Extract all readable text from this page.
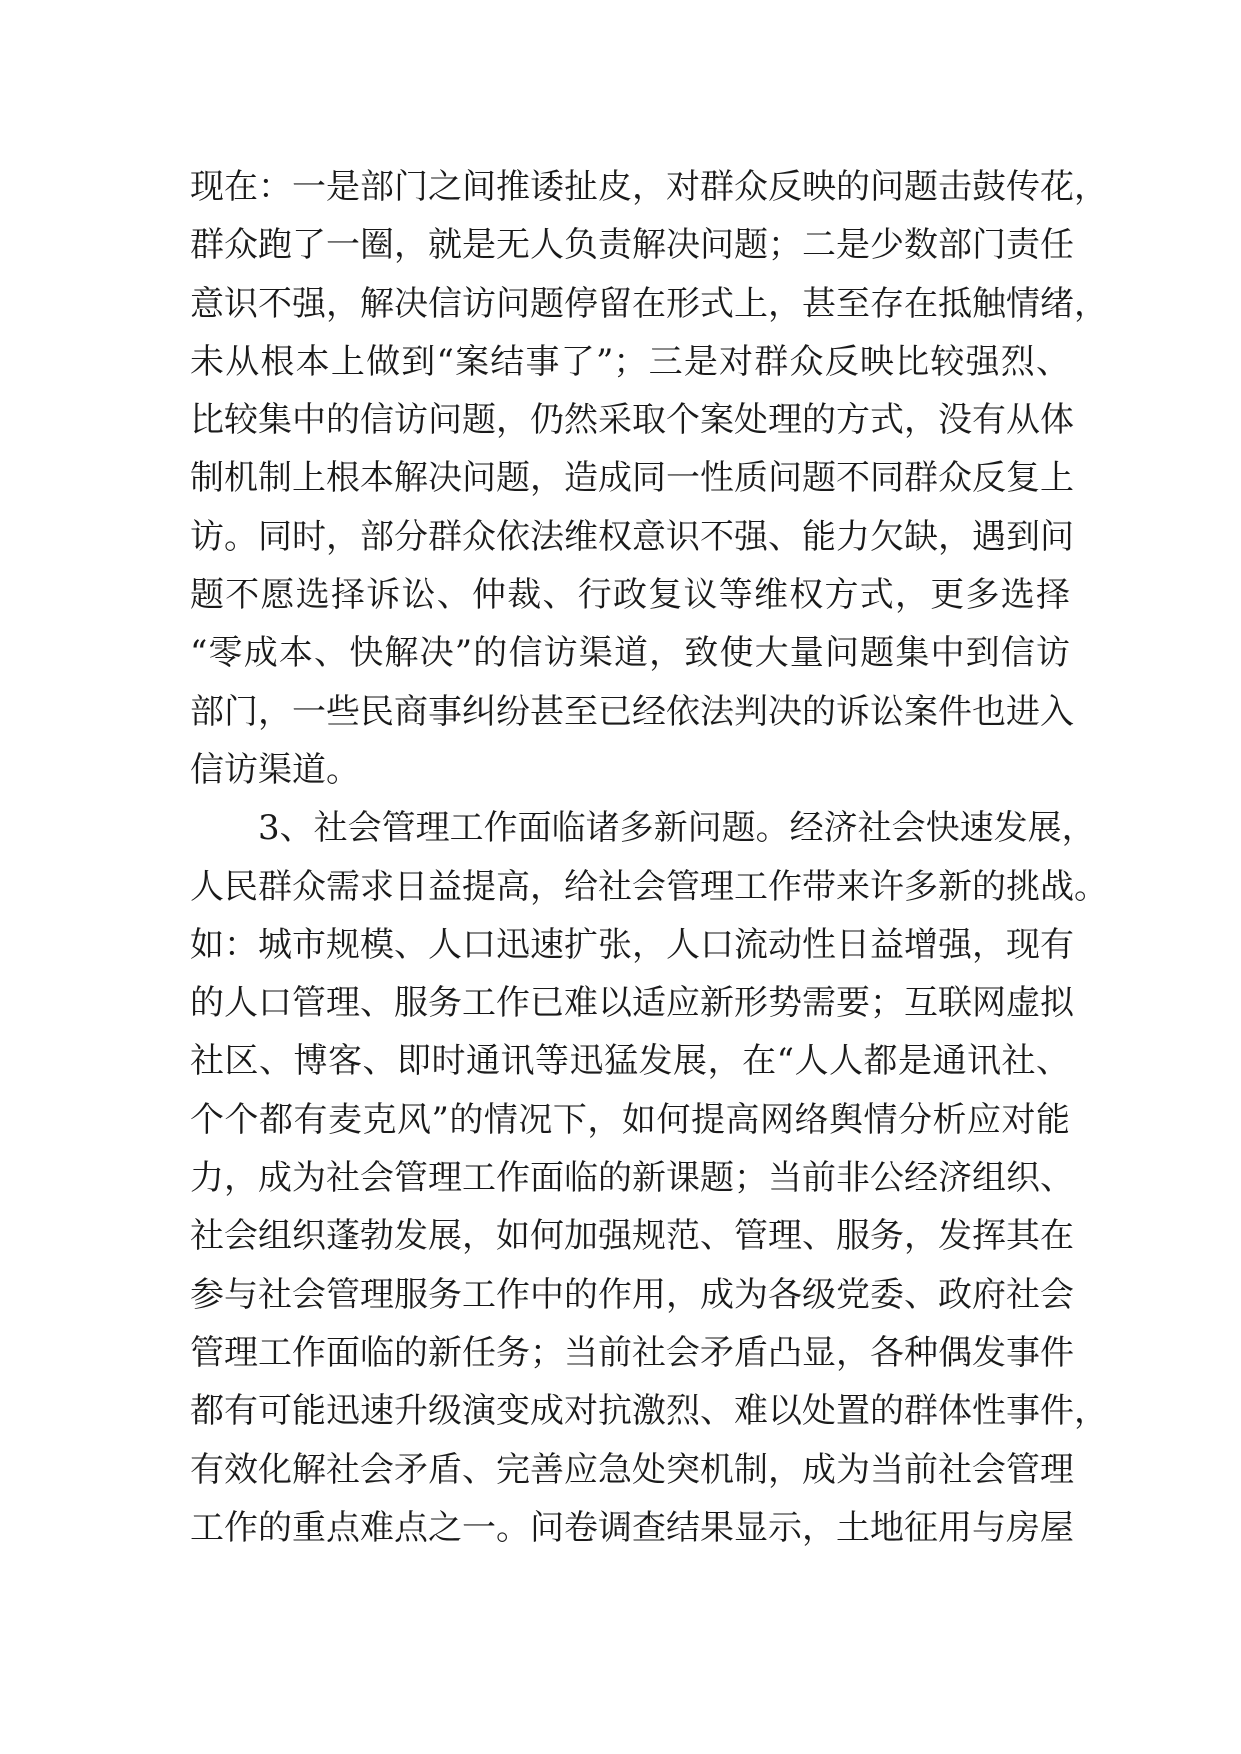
现在：一是部门之间推诿扯皮，对群众反映的问题击鼓传花，
群众跑了一圈，就是无人负责解决问题；二是少数部门责任
意识不强，解决信访问题停留在形式上，甚至存在抵触情绪，
未从根本上做到“案结事了”；三是对群众反映比较强烈、
比较集中的信访问题，仍然采取个案处理的方式，没有从体
制机制上根本解决问题，造成同一性质问题不同群众反复上
访。同时，部分群众依法维权意识不强、能力欠缺，遇到问
题不愿选择诉讼、仲裁、行政复议等维权方式，更多选择
“零成本、快解决”的信访渠道，致使大量问题集中到信访
部门，一些民商事纠纷甚至已经依法判决的诉讼案件也进入
信访渠道。
3、社会管理工作面临诸多新问题。经济社会快速发展，
人民群众需求日益提高，给社会管理工作带来许多新的挑战。
如：城市规模、人口迅速扩张，人口流动性日益增强，现有
的人口管理、服务工作已难以适应新形势需要；互联网虚拟
社区、博客、即时通讯等迅猛发展，在“人人都是通讯社、
个个都有麦克风”的情况下，如何提高网络舆情分析应对能
力，成为社会管理工作面临的新课题；当前非公经济组织、
社会组织蓬勃发展，如何加强规范、管理、服务，发挥其在
参与社会管理服务工作中的作用，成为各级党委、政府社会
管理工作面临的新任务；当前社会矛盾凸显，各种偶发事件
都有可能迅速升级演变成对抗激烈、难以处置的群体性事件，
有效化解社会矛盾、完善应急处突机制，成为当前社会管理
工作的重点难点之一。问卷调查结果显示，土地征用与房屋
